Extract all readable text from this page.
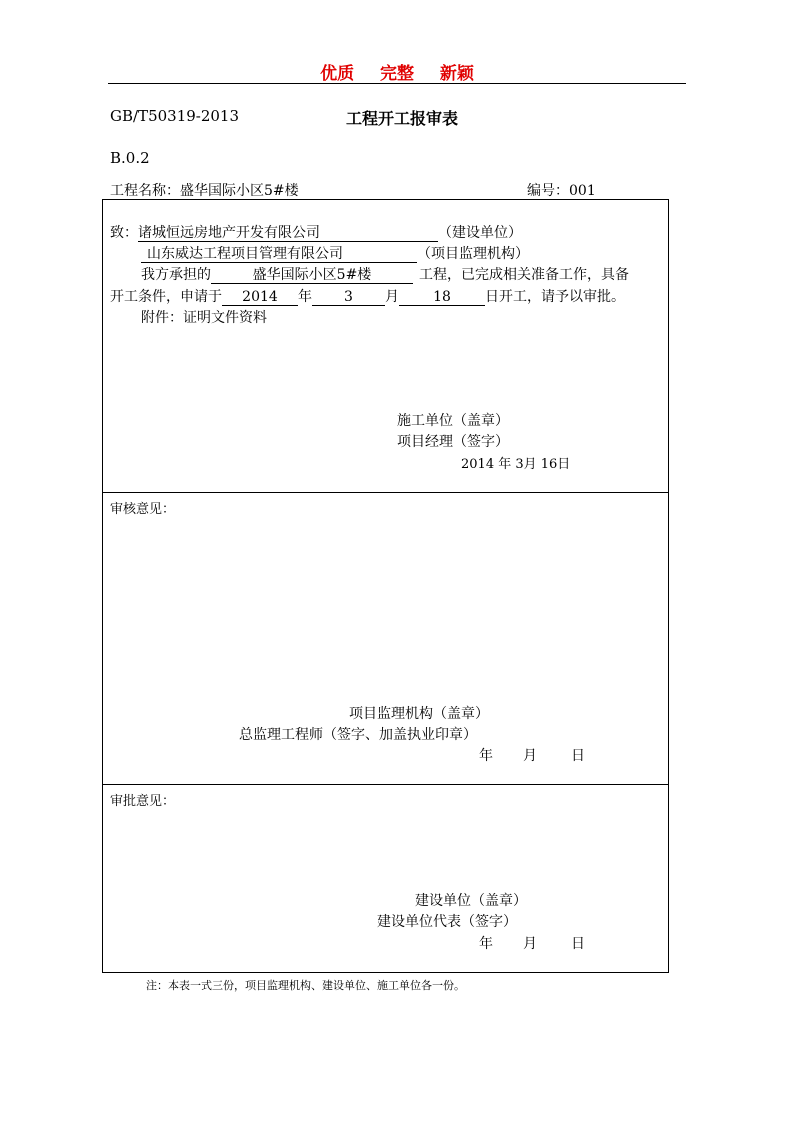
优质 完整 新颖
GB/T50319-2013	工程开工报审表
B.0.2
工程名称：盛华国际小区5#楼	编号：001
致：诸城恒远房地产开发有限公司	（建设单位）
山东威达工程项目管理有限公司	（项目监理机构）
我方承担的	盛华国际小区5#楼	工程，已完成相关准备工作，具备
开工条件，申请于 2014 年 3 月 18 日开工，请予以审批。
附件：证明文件资料
施工单位（盖章）
项目经理（签字）
2014 年 3月 16日
审核意见：
项目监理机构（盖章）
总监理工程师（签字、加盖执业印章）
年 月 日
审批意见：
建设单位（盖章）
建设单位代表（签字）
年 月 日
注：本表一式三份，项目监理机构、建设单位、施工单位各一份。
